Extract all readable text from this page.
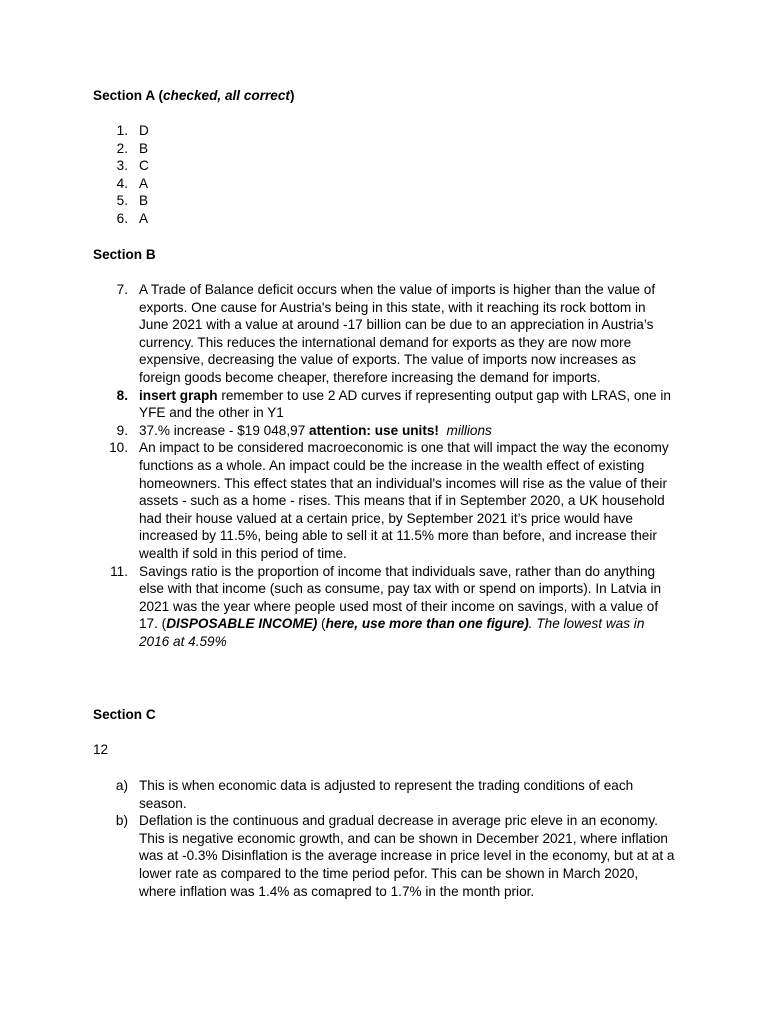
Section A (checked, all correct)
1. D
2. B
3. C
4. A
5. B
6. A
Section B
7. A Trade of Balance deficit occurs when the value of imports is higher than the value of exports. One cause for Austria's being in this state, with it reaching its rock bottom in June 2021 with a value at around -17 billion can be due to an appreciation in Austria’s currency. This reduces the international demand for exports as they are now more expensive, decreasing the value of exports. The value of imports now increases as foreign goods become cheaper, therefore increasing the demand for imports.
8. insert graph remember to use 2 AD curves if representing output gap with LRAS, one in YFE and the other in Y1
9. 37.% increase - $19 048,97 attention: use units!  millions
10. An impact to be considered macroeconomic is one that will impact the way the economy functions as a whole. An impact could be the increase in the wealth effect of existing homeowners. This effect states that an individual's incomes will rise as the value of their assets - such as a home - rises. This means that if in September 2020, a UK household had their house valued at a certain price, by September 2021 it’s price would have increased by 11.5%, being able to sell it at 11.5% more than before, and increase their wealth if sold in this period of time.
11. Savings ratio is the proportion of income that individuals save, rather than do anything else with that income (such as consume, pay tax with or spend on imports). In Latvia in 2021 was the year where people used most of their income on savings, with a value of 17. (DISPOSABLE INCOME) (here, use more than one figure). The lowest was in 2016 at 4.59%
Section C
12
a) This is when economic data is adjusted to represent the trading conditions of each season.
b) Deflation is the continuous and gradual decrease in average pric eleve in an economy. This is negative economic growth, and can be shown in December 2021, where inflation was at -0.3% Disinflation is the average increase in price level in the economy, but at at a lower rate as compared to the time period pefor. This can be shown in March 2020, where inflation was 1.4% as comapred to 1.7% in the month prior.
